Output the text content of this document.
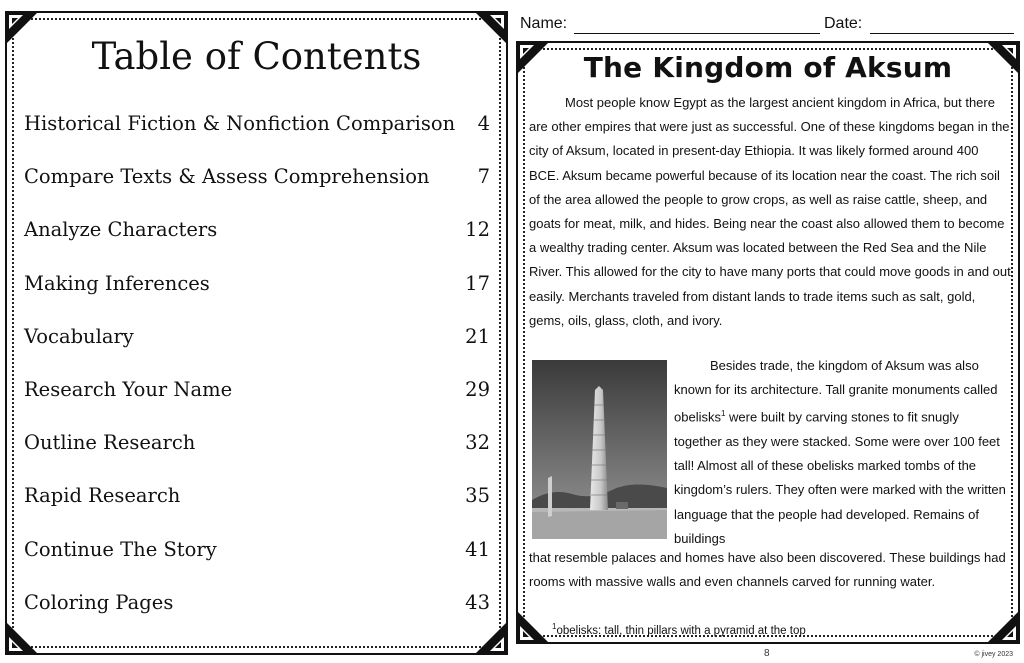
Table of Contents
Historical Fiction & Nonfiction Comparison 4
Compare Texts & Assess Comprehension 7
Analyze Characters	12
Making Inferences	17
Vocabulary	21
Research Your Name	29
Outline Research	32
Rapid Research	35
Continue The Story	41
Coloring Pages	43
Name:	Date:
The Kingdom of Aksum

Most people know Egypt as the largest ancient kingdom in Africa, but there are other empires that were just as successful. One of these kingdoms began in the city of Aksum, located in present-day Ethiopia. It was likely formed around 400 BCE. Aksum became powerful because of its location near the coast. The rich soil of the area allowed the people to grow crops, as well as raise cattle, sheep, and goats for meat, milk, and hides. Being near the coast also allowed them to become a wealthy trading center. Aksum was located between the Red Sea and the Nile River. This allowed for the city to have many ports that could move goods in and out easily. Merchants traveled from distant lands to trade items such as salt, gold, gems, oils, glass, cloth, and ivory.

Besides trade, the kingdom of Aksum was also known for its architecture. Tall granite monuments called obelisks$^1$ were built by carving stones to fit snugly together as they were stacked. Some were over 100 feet tall! Almost all of these obelisks marked tombs of the kingdom’s rulers. They often were marked with the written language that the people had developed. Remains of buildings

that resemble palaces and homes have also been discovered. These buildings had rooms with massive walls and even channels carved for running water.

$^1$obelisks: tall, thin pillars with a pyramid at the top
8	© jivey 2023
